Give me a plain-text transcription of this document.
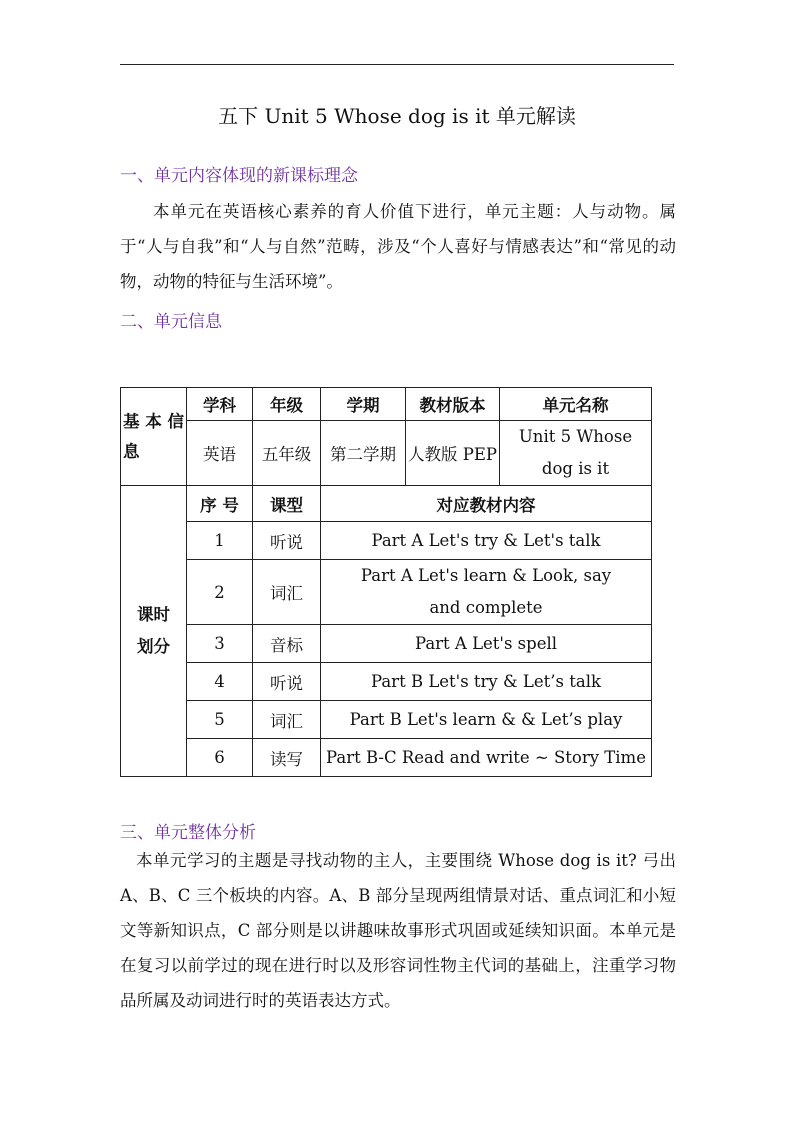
五下 Unit 5 Whose dog is it 单元解读
一、单元内容体现的新课标理念
本单元在英语核心素养的育人价值下进行，单元主题：人与动物。属于“人与自我”和“人与自然”范畴，涉及“个人喜好与情感表达”和“常见的动物，动物的特征与生活环境”。
二、单元信息
基 本 信息	学科	年级	学期	教材版本	单元名称
	英语	五年级	第二学期	人教版 PEP	Unit 5 Whose dog is it
课时划分	序 号	课型	对应教材内容		
	1	听说	Part A Let's try & Let's talk		
	2	词汇	Part A Let's learn & Look, say and complete		
	3	音标	Part A Let's spell		
	4	听说	Part B Let's try & Let’s talk		
	5	词汇	Part B Let's learn & & Let’s play		
	6	读写	Part B-C Read and write ~ Story Time		
三、单元整体分析
本单元学习的主题是寻找动物的主人，主要围绕 Whose dog is it? 弓出 A、B、C 三个板块的内容。A、B 部分呈现两组情景对话、重点词汇和小短文等新知识点，C 部分则是以讲趣味故事形式巩固或延续知识面。本单元是在复习以前学过的现在进行时以及形容词性物主代词的基础上，注重学习物品所属及动词进行时的英语表达方式。
